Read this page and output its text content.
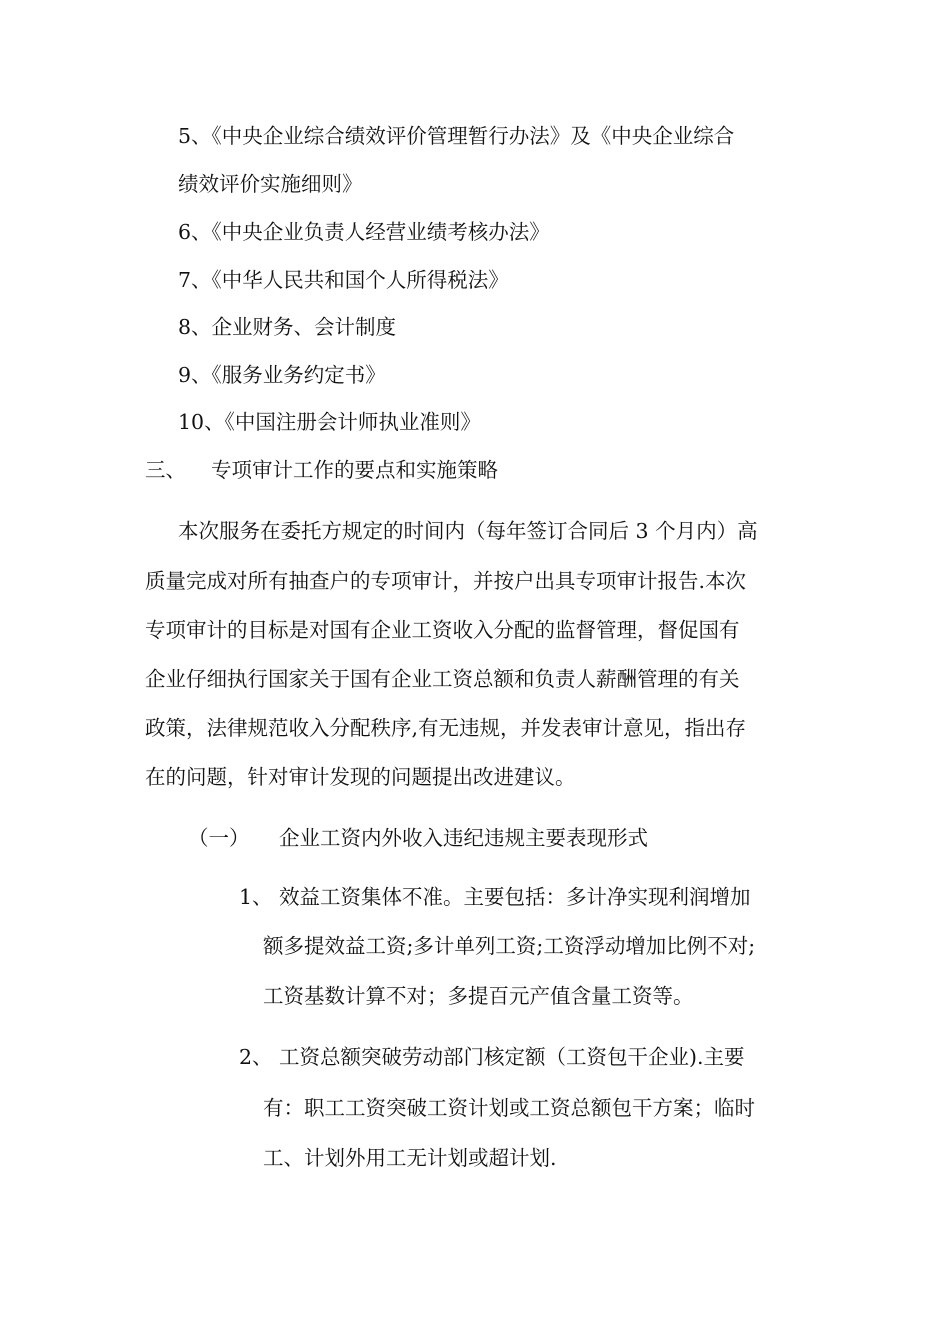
5、《中央企业综合绩效评价管理暂行办法》及《中央企业综合
绩效评价实施细则》
6、《中央企业负责人经营业绩考核办法》
7、《中华人民共和国个人所得税法》
8、企业财务、会计制度
9、《服务业务约定书》
10、《中国注册会计师执业准则》
三、 专项审计工作的要点和实施策略
本次服务在委托方规定的时间内（每年签订合同后 3 个月内）高
质量完成对所有抽查户的专项审计，并按户出具专项审计报告.本次
专项审计的目标是对国有企业工资收入分配的监督管理，督促国有
企业仔细执行国家关于国有企业工资总额和负责人薪酬管理的有关
政策，法律规范收入分配秩序,有无违规，并发表审计意见，指出存
在的问题，针对审计发现的问题提出改进建议。
（一） 企业工资内外收入违纪违规主要表现形式
1、 效益工资集体不准。主要包括：多计净实现利润增加
额多提效益工资;多计单列工资;工资浮动增加比例不对;
工资基数计算不对；多提百元产值含量工资等。
2、 工资总额突破劳动部门核定额（工资包干企业).主要
有：职工工资突破工资计划或工资总额包干方案；临时
工、计划外用工无计划或超计划.
